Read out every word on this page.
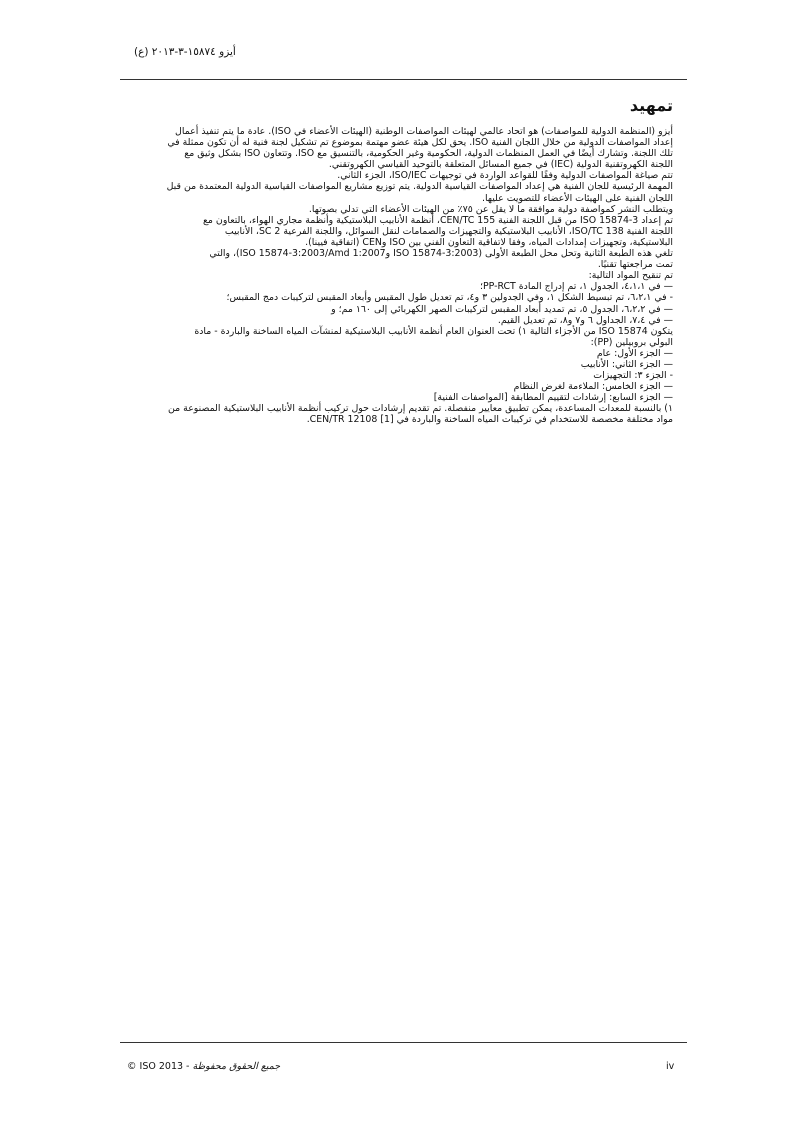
أيزو ١٥٨٧٤-٣-٢٠١٣ (ع)
تمهيد
أيزو (المنظمة الدولية للمواصفات) هو اتحاد عالمي لهيئات المواصفات الوطنية (الهيئات الأعضاء في ISO). عادة ما يتم تنفيذ أعمال
إعداد المواصفات الدولية من خلال اللجان الفنية ISO. يحق لكل هيئة عضو مهتمة بموضوع تم تشكيل لجنة فنية له أن تكون ممثلة في
تلك اللجنة. وتشارك أيضًا في العمل المنظمات الدولية، الحكومية وغير الحكومية، بالتنسيق مع ISO. وتتعاون ISO بشكل وثيق مع
اللجنة الكهروتقنية الدولية (IEC) في جميع المسائل المتعلقة بالتوحيد القياسي الكهروتقني.
تتم صياغة المواصفات الدولية وفقًا للقواعد الواردة في توجيهات ISO/IEC، الجزء الثاني.
المهمة الرئيسية للجان الفنية هي إعداد المواصفات القياسية الدولية. يتم توزيع مشاريع المواصفات القياسية الدولية المعتمدة من قبل
اللجان الفنية على الهيئات الأعضاء للتصويت عليها.
ويتطلب النشر كمواصفة دولية موافقة ما لا يقل عن ٧٥٪ من الهيئات الأعضاء التي تدلي بصوتها.
تم إعداد ISO 15874-3 من قبل اللجنة الفنية CEN/TC 155، أنظمة الأنابيب البلاستيكية وأنظمة مجاري الهواء، بالتعاون مع
اللجنة الفنية ISO/TC 138، الأنابيب البلاستيكية والتجهيزات والصمامات لنقل السوائل، واللجنة الفرعية SC 2، الأنابيب
البلاستيكية، وتجهيزات إمدادات المياه، وفقا لاتفاقية التعاون الفني بين ISO وCEN (اتفاقية فيينا).
تلغي هذه الطبعة الثانية وتحل محل الطبعة الأولى (ISO 15874-3:2003 وISO 15874-3:2003/Amd 1:2007)، والتي
تمت مراجعتها تقنيًا.
تم تنقيح المواد التالية:
— في ٤،١،١، الجدول ١، تم إدراج المادة PP-RCT؛
- في ٦،٢،١، تم تبسيط الشكل ١، وفي الجدولين ٣ و٤، تم تعديل طول المقبس وأبعاد المقبس لتركيبات دمج المقبس؛
— في ٦،٢،٢، الجدول ٥، تم تمديد أبعاد المقبس لتركيبات الصهر الكهربائي إلى ١٦٠ مم؛ و
— في ٧،٤، الجداول ٦ و٧ و٨، تم تعديل القيم.
يتكون ISO 15874 من الأجزاء التالية ١) تحت العنوان العام أنظمة الأنابيب البلاستيكية لمنشآت المياه الساخنة والباردة - مادة
البولي بروبيلين (PP):
— الجزء الأول: عام
— الجزء الثاني: الأنابيب
- الجزء ٣: التجهيزات
— الجزء الخامس: الملاءمة لغرض النظام
— الجزء السابع: إرشادات لتقييم المطابقة [المواصفات الفنية]
١) بالنسبة للمعدات المساعدة، يمكن تطبيق معايير منفصلة. تم تقديم إرشادات حول تركيب أنظمة الأنابيب البلاستيكية المصنوعة من
مواد مختلفة مخصصة للاستخدام في تركيبات المياه الساخنة والباردة في CEN/TR 12108 [1].
© ISO 2013 - جميع الحقوق محفوظة	iv
